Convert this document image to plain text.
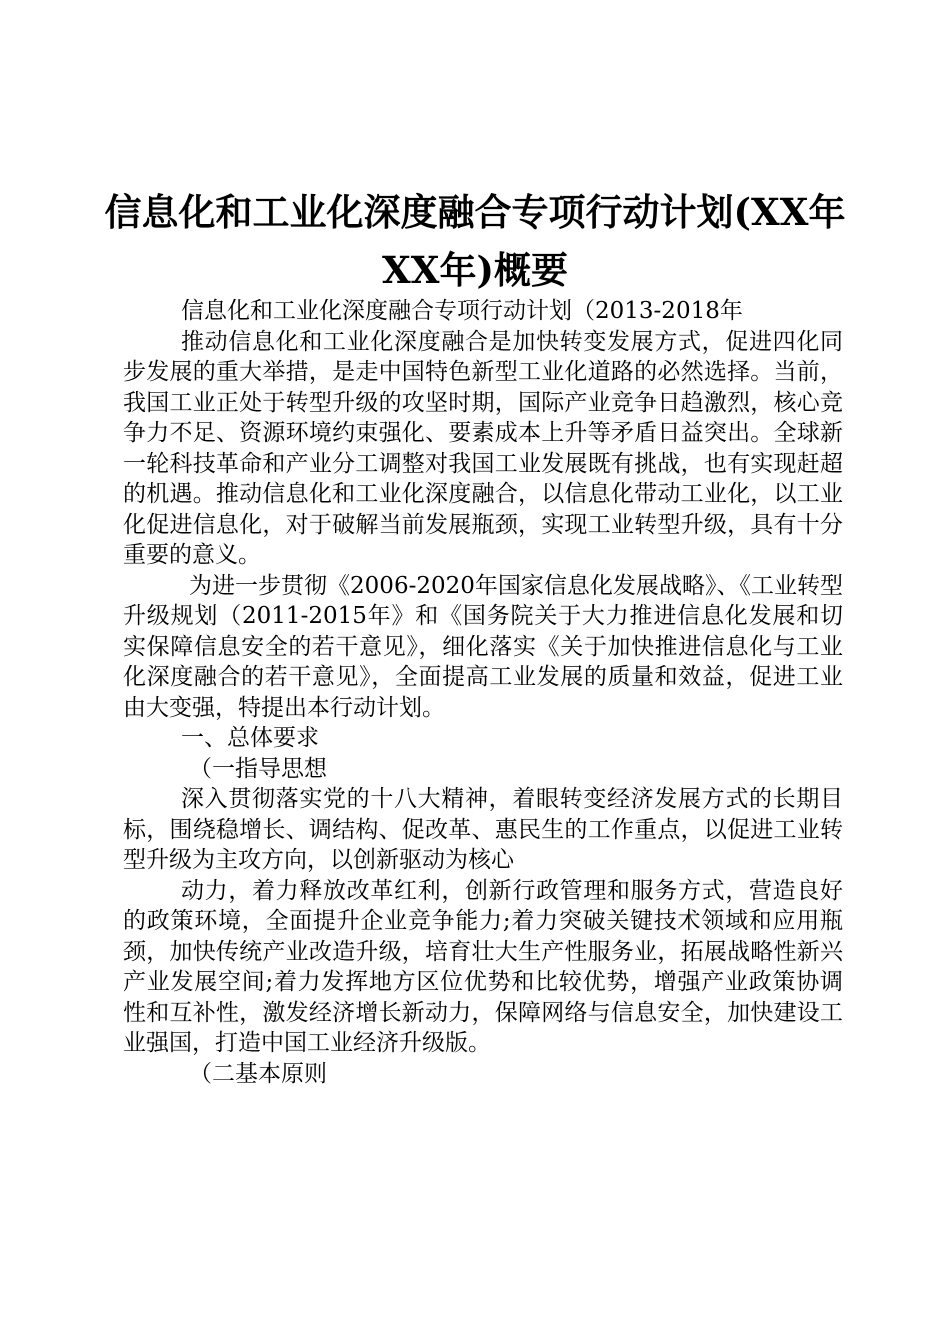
信息化和工业化深度融合专项行动计划(XX年XX年)概要

信息化和工业化深度融合专项行动计划（2013-2018年

推动信息化和工业化深度融合是加快转变发展方式，促进四化同步发展的重大举措，是走中国特色新型工业化道路的必然选择。当前，我国工业正处于转型升级的攻坚时期，国际产业竞争日趋激烈，核心竞争力不足、资源环境约束强化、要素成本上升等矛盾日益突出。全球新一轮科技革命和产业分工调整对我国工业发展既有挑战，也有实现赶超的机遇。推动信息化和工业化深度融合，以信息化带动工业化，以工业化促进信息化，对于破解当前发展瓶颈，实现工业转型升级，具有十分重要的意义。

为进一步贯彻《2006-2020年国家信息化发展战略》、《工业转型升级规划（2011-2015年》和《国务院关于大力推进信息化发展和切实保障信息安全的若干意见》，细化落实《关于加快推进信息化与工业化深度融合的若干意见》，全面提高工业发展的质量和效益，促进工业由大变强，特提出本行动计划。

一、总体要求

（一指导思想

深入贯彻落实党的十八大精神，着眼转变经济发展方式的长期目标，围绕稳增长、调结构、促改革、惠民生的工作重点，以促进工业转型升级为主攻方向，以创新驱动为核心

动力，着力释放改革红利，创新行政管理和服务方式，营造良好的政策环境，全面提升企业竞争能力;着力突破关键技术领域和应用瓶颈，加快传统产业改造升级，培育壮大生产性服务业，拓展战略性新兴产业发展空间;着力发挥地方区位优势和比较优势，增强产业政策协调性和互补性，激发经济增长新动力，保障网络与信息安全，加快建设工业强国，打造中国工业经济升级版。

（二基本原则
